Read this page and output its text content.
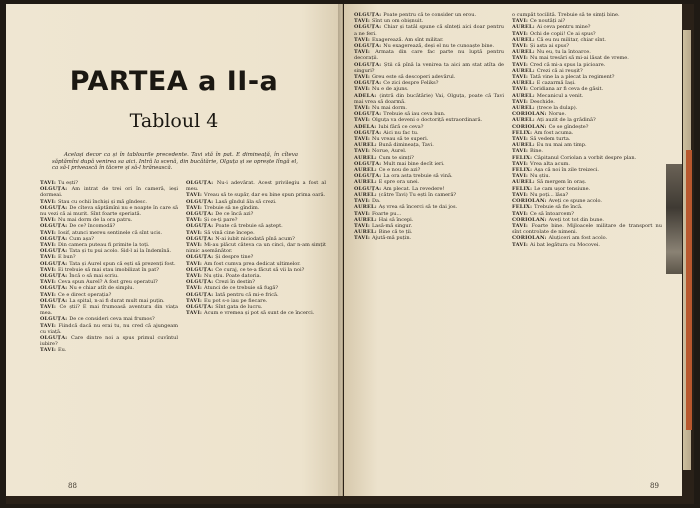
PARTEA a II-a
Tabloul 4
Același decor ca și în tablourile precedente. Tavi stă în pat. E dimineață, în cîteva săptămîni după venirea sa aici. Intră la scenă, din bucătărie, Olguța și se oprește lîngă el, ca să-l privească în tăcere și să-l hrănească.

TAVI: Tu ești?

OLGUȚA: Am intrat de trei ori în cameră, ieși dormeai.

TAVI: Stau cu ochii închiși și mă gîndesc.

OLGUȚA: De cîteva săptămîni nu e noapte în care să nu vezi că ai murit. Sînt foarte speriată.

TAVI: Nu mai dorm de la ora patru.

OLGUȚA: De ce? încomodă?

TAVI: Iosif, atunci mereu sentinele că sînt ucis.

OLGUȚA: Cum așa?

TAVI: Din camera puteau fi primite la toți.

OLGUȚA: Tata și tu pui acolo. Sid-l ai la îndemînă.

TAVI: E bun?

OLGUȚA: Tata și Aurel spun că ești să prezenți fost.

TAVI: Ei trebuie să mai stau imobilizat în pat?

OLGUȚA: Încă o să mai scriu.

TAVI: Ceva spun Aurel? A fost greu operatul?

OLGUȚA: Nu e chiar atît de simplu.

TAVI: Ce e direct operația?

OLGUȚA: La spital, n-ai fi durat mult mai puțin.

TAVI: Ce știi? E mai frumoasă aventura din viața mea.

OLGUȚA: De ce consideri ceva mai frumos?

TAVI: Fiindcă dacă nu erai tu, nu cred că ajungeam cu viață.

OLGUȚA: Care dintre noi a spus primul cuvîntul iubire?

TAVI: Eu.

OLGUȚA: Nu-i adevărat. Acest privilegiu a fost al meu.

TAVI: Vreau să te supăr, dar eu bine spun prima oară.

OLGUȚA: Lasă gîndul ăla să crezi.

TAVI: Trebuie să ne gîndim.

OLGUȚA: De ce încă azi?

TAVI: Și ce-ți pare?

OLGUȚA: Poate că trebuie să aștept.

TAVI: Să vină cine începe.

OLGUȚA: N-ai iubit niciodată pînă acum?

TAVI: Mi-au plăcut câteva ca un cinci, dar n-am simțit nimic asemănător.

OLGUȚA: Și despre tine?

TAVI: Am fost cumva prea dedicat ultimelor.

OLGUȚA: Ce curaj, ce te-a făcut să vii la noi?

TAVI: Nu știu. Poate datoria.

OLGUȚA: Crezi în destin?

TAVI: Atunci de ce trebuie să fugă?

OLGUȚA: Iată pentru că mi-e frică.

TAVI: Eu pot s-o iau pe fiecare.

OLGUȚA: Sînt gata de lucru.

TAVI: Acum e vremea și pot să sunt de ce încerci.

88

OLGUȚA: Poate pentru că te consider un erou.

TAVI: Sînt un om obișnuit.

OLGUȚA: Chiar și tatăl spune că sînteți aici doar pentru a ne feri.

TAVI: Exagerează. Am sînt militar.

OLGUȚA: Nu exagerează, deși el nu te cunoaște bine.

TAVI: Armata din care fac parte nu luptă pentru decorații.

OLGUȚA: Știi că pînă la venirea ta aici am stat atîta de singuri?

TAVI: Greu este să descoperi adevărul.

OLGUȚA: Ce zici despre Feliks?

TAVI: Nu e de ajuns.

ADELA: (intră din bucătărie) Vai, Olguța, poate că Tavi mai vrea să doarmă.

TAVI: Nu mai dorm.

OLGUȚA: Trebuie să iau ceva bun.

TAVI: Olguța va deveni o doctoriță extraordinară.

ADELA: Iubi fără ce ceva?

OLGUȚA: Aici nu fac tu.

TAVI: Nu vreau să te superi.

AUREL: Bună dimineața, Tavi.

TAVI: Norue, Aurel.

AUREL: Cum te simți?

OLGUȚA: Mult mai bine decît ieri.

AUREL: Ce e nou de azi?

OLGUȚA: La ora asta trebuie să vină.

AUREL: E spre ora unei.

OLGUȚA: Am plecat. La revedere!

AUREL: (către Tavi) Tu ești în cameră?

TAVI: Da.

AUREL: Aș vrea să încerci să te dai jos.

TAVI: Foarte pu...

AUREL: Hai să începi.

TAVI: Lasă-mă singur.

AUREL: Bine că te ții.

TAVI: Ajută-mă puțin.

o cumpăt tocilită. Trebuie să te simți bine.

TAVI: Ce noutăți ai?

AUREL: Ai ceva pentru mine?

TAVI: Ochi de copii! Ce ai spus?

AUREL: Că eu nu militar, chiar sînt.

TAVI: Și asta ai spus?

AUREL: Nu eu, tu la întoarce.

TAVI: Nu mai tresări să mi-ai lăsat de vreme.

TAVI: Cred că mi-a spus la picioare.

AUREL: Crezi că ai reușit?

TAVI: Tată vine la a plecat la regiment?

AUREL: E cazarmă Iași.

TAVI: Coridiana ar fi ceva de găsit.

AUREL: Mecanicul a venit.

TAVI: Deschide.

AUREL: (trece la dulap).

CORIOLAN: Norue.

AUREL: Ați auzit de la grădină?

CORIOLAN: Ce se gîndește?

FELIX: Am fost acuma.

TAVI: Să vedem turta.

AUREL: Eu nu mai am timp.

TAVI: Bine.

FELIX: Căpitanul Coriolan a vorbit despre plan.

TAVI: Vrea alta acum.

FELIX: Așa că noi în zile treizeci.

TAVI: Nu știu.

AUREL: Să mergem în oraș.

FELIX: Le cam ușor tensiune.

TAVI: Nu poți... lăsa?

CORIOLAN: Aveți ce spune acolo.

FELIX: Trebuie să fie încă.

TAVI: Ce să întoarcem?

CORIOLAN: Aveți tot tot din bune.

TAVI: Foarte bine. Mijloacele militare de transport nu sînt controlate de nimeni.

CORIOLAN: Aluțiceri am fost acolo.

TAVI: Ai bat legătura cu Mocovei.

89
